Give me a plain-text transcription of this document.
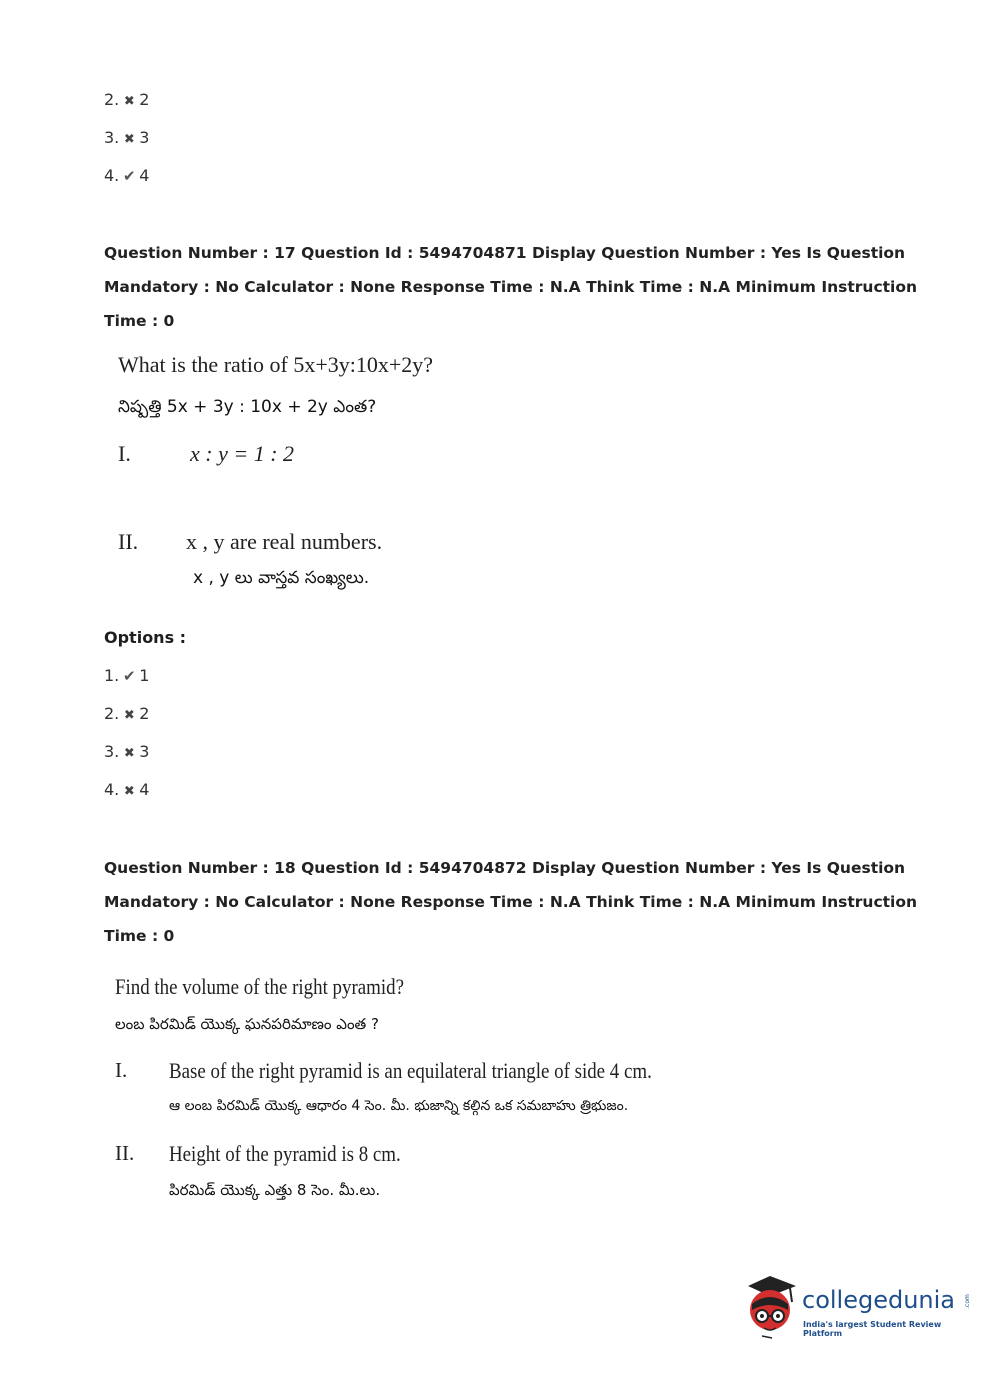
2. ✖ 2
3. ✖ 3
4. ✔ 4
Question Number : 17 Question Id : 5494704871 Display Question Number : Yes Is Question
Mandatory : No Calculator : None Response Time : N.A Think Time : N.A Minimum Instruction
Time : 0
What is the ratio of 5x+3y:10x+2y?
నిష్పత్తి 5x + 3y : 10x + 2y ఎంత?
I.	x : y = 1 : 2
II. x , y are real numbers.
x , y లు వాస్తవ సంఖ్యలు.
Options :
1. ✔ 1
2. ✖ 2
3. ✖ 3
4. ✖ 4
Question Number : 18 Question Id : 5494704872 Display Question Number : Yes Is Question
Mandatory : No Calculator : None Response Time : N.A Think Time : N.A Minimum Instruction
Time : 0
Find the volume of the right pyramid?
లంబ పిరమిడ్ యొక్క ఘనపరిమాణం ఎంత ?
I. Base of the right pyramid is an equilateral triangle of side 4 cm.
ఆ లంబ పిరమిడ్ యొక్క ఆధారం 4 సెం. మీ. భుజాన్ని కల్గిన ఒక సమబాహు త్రిభుజం.
II. Height of the pyramid is 8 cm.
పిరమిడ్ యొక్క ఎత్తు 8 సెం. మీ.లు.
collegedunia .com
India's largest Student Review Platform
